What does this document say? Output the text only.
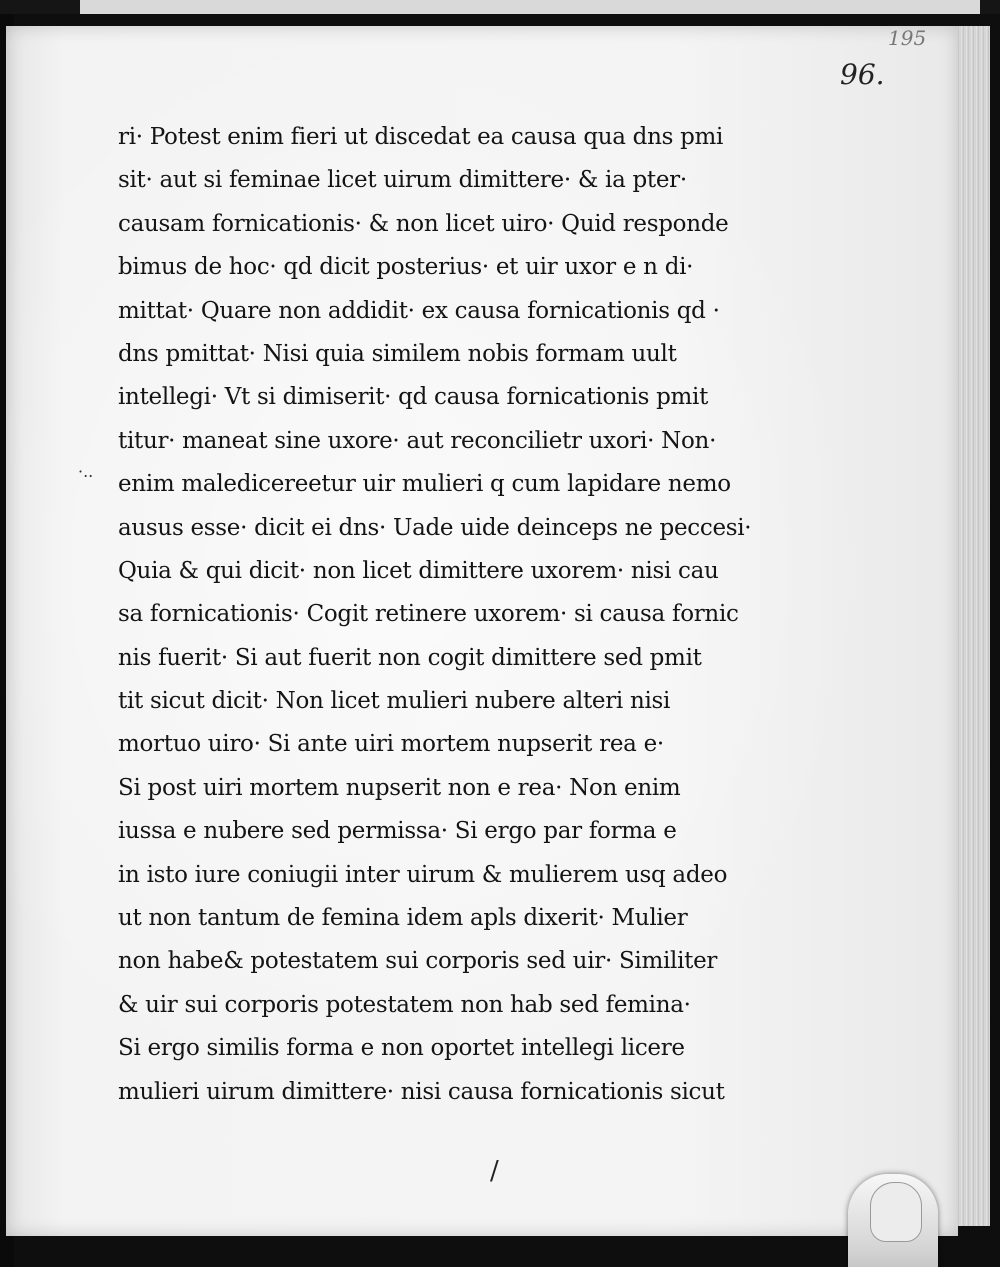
195
96.
·..
ri· Potest enim fieri ut discedat ea causa qua dns pmi
sit· aut si feminae licet uirum dimittere· & ia pter·
causam fornicationis· & non licet uiro· Quid responde
bimus de hoc· qd dicit posterius· et uir uxor e n di·
mittat· Quare non addidit· ex causa fornicationis qd ·
dns pmittat· Nisi quia similem nobis formam uult
intellegi· Vt si dimiserit· qd causa fornicationis pmit
titur· maneat sine uxore· aut reconcilietr uxori· Non·
enim maledicereetur uir mulieri q cum lapidare nemo
ausus esse· dicit ei dns· Uade uide deinceps ne peccesi·
Quia & qui dicit· non licet dimittere uxorem· nisi cau
sa fornicationis· Cogit retinere uxorem· si causa fornic
nis fuerit· Si aut fuerit non cogit dimittere sed pmit
tit sicut dicit· Non licet mulieri nubere alteri nisi
mortuo uiro· Si ante uiri mortem nupserit rea e·
Si post uiri mortem nupserit non e rea· Non enim
iussa e nubere sed permissa· Si ergo par forma e
in isto iure coniugii inter uirum & mulierem usq adeo
ut non tantum de femina idem apls dixerit· Mulier
non habe& potestatem sui corporis sed uir· Similiter
& uir sui corporis potestatem non hab sed femina·
Si ergo similis forma e non oportet intellegi licere
mulieri uirum dimittere· nisi causa fornicationis sicut
/
